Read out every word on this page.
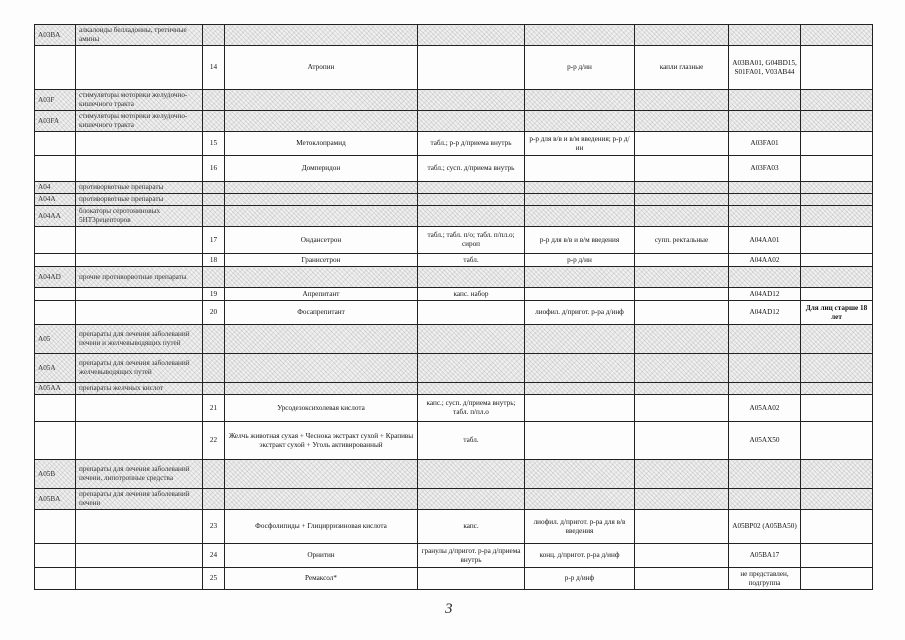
A03BA	алкалоиды белладонны, третичные амины							
		14	Атропин		р-р д/ин	капли глазные	A03BA01, G04BD15, S01FA01, V03AB44	
A03F	стимуляторы моторики желудочно-кишечного тракта							
A03FA	стимуляторы моторики желудочно-кишечного тракта							
		15	Метоклопрамид	табл.; р-р д/приема внутрь	р-р для в/в и в/м введения; р-р д/ин		A03FA01	
		16	Домперидон	табл.; сусп. д/приема внутрь			A03FA03	
A04	противорвотные препараты							
A04A	противорвотные препараты							
A04AA	блокаторы серотониновых 5НТ3рецепторов							
		17	Ондансетрон	табл.; табл. п/о; табл. п/пл.о; сироп	р-р для в/в и в/м введения	супп. ректальные	A04AA01	
		18	Гранисетрон	табл.	р-р д/ин		A04AA02	
A04AD	прочие противорвотные препараты							
		19	Апрепитант	капс. набор			A04AD12	
		20	Фосапрепитант		лиофил. д/пригот. р-ра д/инф		A04AD12	Для лиц старше 18 лет
A05	препараты для лечения заболеваний печени и желчевыводящих путей							
A05A	препараты для лечения заболеваний желчевыводящих путей							
A05AA	препараты желчных кислот							
		21	Урсодезоксихолевая кислота	капс.; сусп. д/приема внутрь; табл. п/пл.о			A05AA02	
		22	Желчь животная сухая + Чеснока экстракт сухой + Крапивы экстракт сухой + Уголь активированный	табл.			A05AX50	
A05B	препараты для лечения заболеваний печени, липотропные средства							
A05BA	препараты для лечения заболеваний печени							
		23	Фосфолипиды + Глицирризиновая кислота	капс.	лиофил. д/пригот. р-ра для в/в введения		A05BP02 (A05BA50)	
		24	Орнитин	гранулы д/пригот. р-ра д/приема внутрь	конц. д/пригот. р-ра д/инф		A05BA17	
		25	Ремаксол*		р-р д/инф		не представлен, подгруппа	
3
